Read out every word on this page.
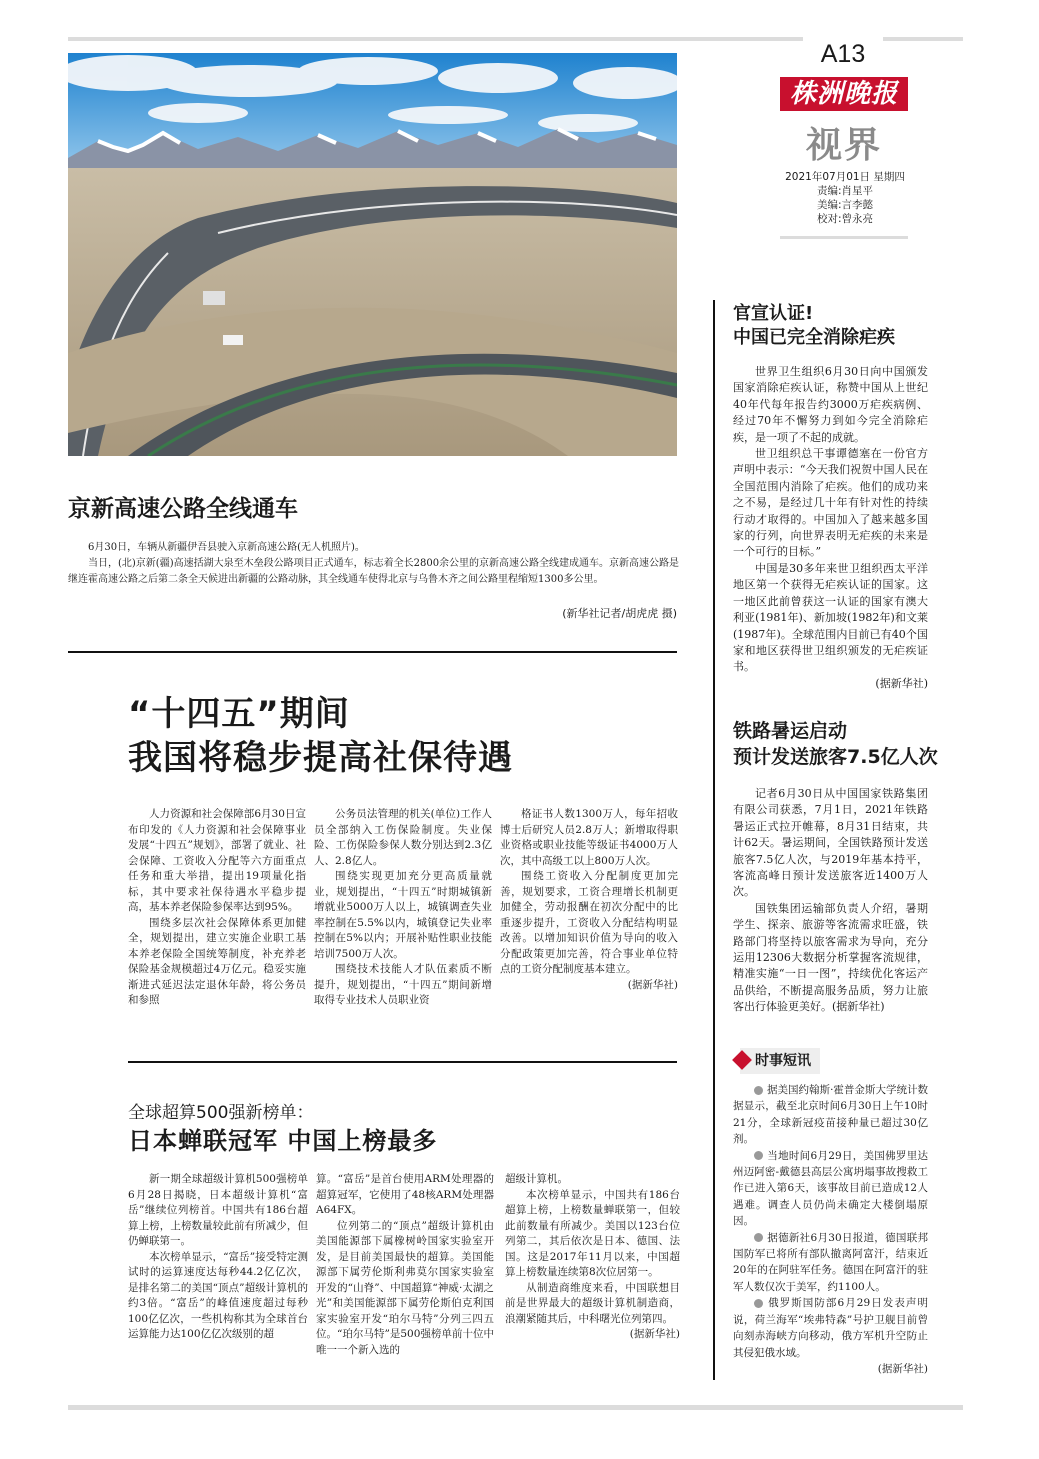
A13
株洲晚报
视界
2021年07月01日 星期四
责编:肖星平
美编:言李懿
校对:曾永亮
京新高速公路全线通车

6月30日，车辆从新疆伊吾县驶入京新高速公路(无人机照片)。

当日，(北)京新(疆)高速括湖大泉至木垒段公路项目正式通车，标志着全长2800余公里的京新高速公路全线建成通车。京新高速公路是继连霍高速公路之后第二条全天候进出新疆的公路动脉，其全线通车使得北京与乌鲁木齐之间公路里程缩短1300多公里。

(新华社记者/胡虎虎 摄)
“十四五”期间
我国将稳步提高社保待遇

人力资源和社会保障部6月30日宣布印发的《人力资源和社会保障事业发展“十四五”规划》，部署了就业、社会保障、工资收入分配等六方面重点任务和重大举措，提出19项量化指标，其中要求社保待遇水平稳步提高，基本养老保险参保率达到95%。

围绕多层次社会保障体系更加健全，规划提出，建立实施企业职工基本养老保险全国统筹制度，补充养老保险基金规模超过4万亿元。稳妥实施渐进式延迟法定退休年龄，将公务员和参照

公务员法管理的机关(单位)工作人员全部纳入工伤保险制度。失业保险、工伤保险参保人数分别达到2.3亿人、2.8亿人。

围绕实现更加充分更高质量就业，规划提出，“十四五”时期城镇新增就业5000万人以上，城镇调查失业率控制在5.5%以内，城镇登记失业率控制在5%以内；开展补贴性职业技能培训7500万人次。

围绕技术技能人才队伍素质不断提升，规划提出，“十四五”期间新增取得专业技术人员职业资

格证书人数1300万人，每年招收博士后研究人员2.8万人；新增取得职业资格或职业技能等级证书4000万人次，其中高级工以上800万人次。

围绕工资收入分配制度更加完善，规划要求，工资合理增长机制更加健全，劳动报酬在初次分配中的比重逐步提升，工资收入分配结构明显改善。以增加知识价值为导向的收入分配政策更加完善，符合事业单位特点的工资分配制度基本建立。

(据新华社)

全球超算500强新榜单：
日本蝉联冠军 中国上榜最多

新一期全球超级计算机500强榜单6月28日揭晓，日本超级计算机“富岳”继续位列榜首。中国共有186台超算上榜，上榜数量较此前有所减少，但仍蝉联第一。

本次榜单显示，“富岳”接受特定测试时的运算速度达每秒44.2亿亿次，是排名第二的美国“顶点”超级计算机的约3倍。“富岳”的峰值速度超过每秒100亿亿次，一些机构称其为全球首台运算能力达100亿亿次级别的超

算。“富岳”是首台使用ARM处理器的超算冠军，它使用了48核ARM处理器A64FX。

位列第二的“顶点”超级计算机由美国能源部下属橡树岭国家实验室开发，是目前美国最快的超算。美国能源部下属劳伦斯利弗莫尔国家实验室开发的“山脊”、中国超算“神威·太湖之光”和美国能源部下属劳伦斯伯克利国家实验室开发“珀尔马特”分列三四五位。“珀尔马特”是500强榜单前十位中唯一一个新入选的

超级计算机。

本次榜单显示，中国共有186台超算上榜，上榜数量蝉联第一，但较此前数量有所减少。美国以123台位列第二，其后依次是日本、德国、法国。这是2017年11月以来，中国超算上榜数量连续第8次位居第一。

从制造商维度来看，中国联想目前是世界最大的超级计算机制造商，浪潮紧随其后，中科曙光位列第四。

(据新华社)

官宣认证!
中国已完全消除疟疾

世界卫生组织6月30日向中国颁发国家消除疟疾认证，称赞中国从上世纪40年代每年报告约3000万疟疾病例、经过70年不懈努力到如今完全消除疟疾，是一项了不起的成就。

世卫组织总干事谭德塞在一份官方声明中表示：“今天我们祝贺中国人民在全国范围内消除了疟疾。他们的成功来之不易，是经过几十年有针对性的持续行动才取得的。中国加入了越来越多国家的行列，向世界表明无疟疾的未来是一个可行的目标。”

中国是30多年来世卫组织西太平洋地区第一个获得无疟疾认证的国家。这一地区此前曾获这一认证的国家有澳大利亚(1981年)、新加坡(1982年)和文莱(1987年)。全球范围内目前已有40个国家和地区获得世卫组织颁发的无疟疾证书。

(据新华社)

铁路暑运启动
预计发送旅客7.5亿人次

记者6月30日从中国国家铁路集团有限公司获悉，7月1日，2021年铁路暑运正式拉开帷幕，8月31日结束，共计62天。暑运期间，全国铁路预计发送旅客7.5亿人次，与2019年基本持平，客流高峰日预计发送旅客近1400万人次。

国铁集团运输部负责人介绍，暑期学生、探亲、旅游等客流需求旺盛，铁路部门将坚持以旅客需求为导向，充分运用12306大数据分析掌握客流规律，精准实施“一日一图”，持续优化客运产品供给，不断提高服务品质，努力让旅客出行体验更美好。(据新华社)

时事短讯

据美国约翰斯·霍普金斯大学统计数据显示，截至北京时间6月30日上午10时21分，全球新冠疫苗接种量已超过30亿剂。

当地时间6月29日，美国佛罗里达州迈阿密-戴德县高层公寓坍塌事故搜救工作已进入第6天，该事故目前已造成12人遇难。调查人员仍尚未确定大楼倒塌原因。

据德新社6月30日报道，德国联邦国防军已将所有部队撤离阿富汗，结束近20年的在阿驻军任务。德国在阿富汗的驻军人数仅次于美军，约1100人。

俄罗斯国防部6月29日发表声明说，荷兰海军“埃弗特森”号护卫舰目前曾向刻赤海峡方向移动，俄方军机升空防止其侵犯俄水域。

(据新华社)
